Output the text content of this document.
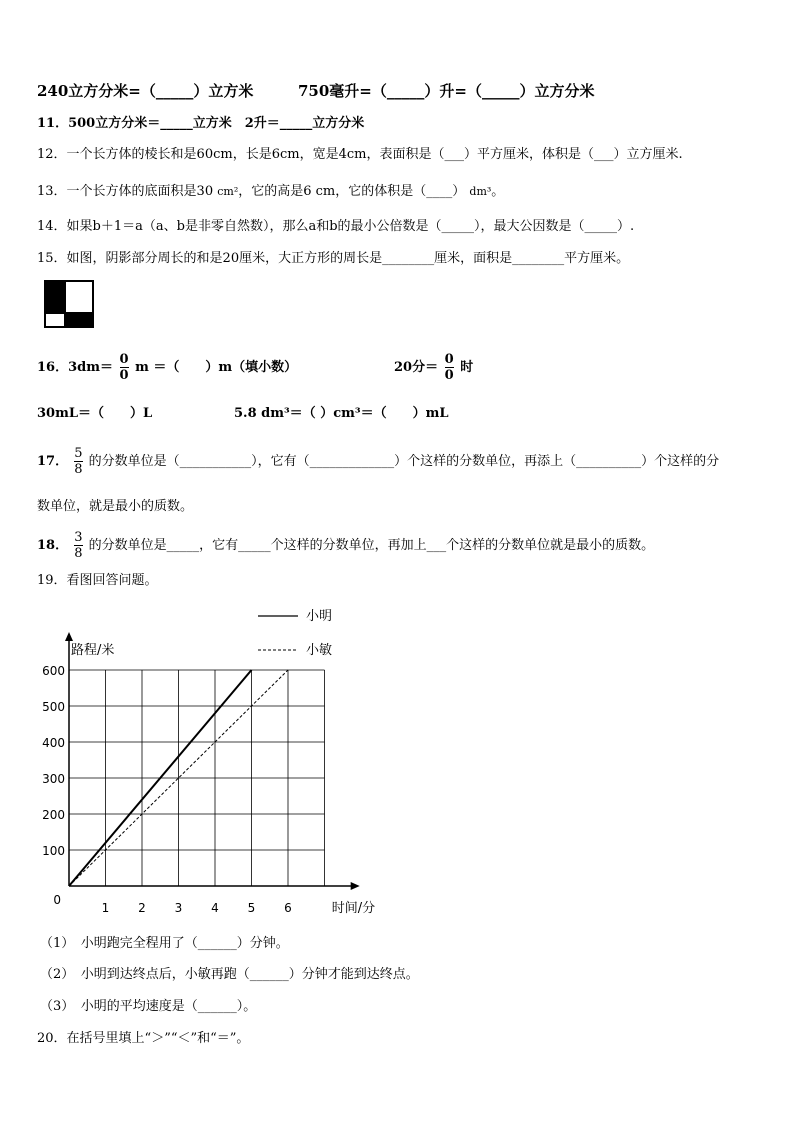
240立方分米=（_____）立方米	750毫升=（_____）升=（_____）立方分米
11．500立方分米＝_____立方米　2升＝_____立方分米
12．一个长方体的棱长和是60cm，长是6cm，宽是4cm，表面积是（___）平方厘米，体积是（___）立方厘米.
13．一个长方体的底面积是30 cm²，它的高是6 cm，它的体积是（____） dm³。
14．如果b＋1＝a（a、b是非零自然数），那么a和b的最小公倍数是（_____），最大公因数是（_____）.
15．如图，阴影部分周长的和是20厘米，大正方形的周长是________厘米，面积是________平方厘米。
16．$3dm= \frac{0}{0}$ m ＝（　　）m（填小数）	20分＝ $\frac{0}{0}$ 时
30mL＝（　　）L	5.8 dm³＝（ ）cm³＝（　　）mL
17． $\frac{5}{8}$ 的分数单位是（___________），它有（_____________）个这样的分数单位，再添上（__________）个这样的分
数单位，就是最小的质数。
18． $\frac{3}{8}$ 的分数单位是_____，它有_____个这样的分数单位，再加上___个这样的分数单位就是最小的质数。
19．看图回答问题。
1 2 3 4 5 6
100
200
300
400
500
600
0
路程/米
时间/分
小明
小敏
（1）　小明跑完全程用了（______）分钟。
（2）　小明到达终点后，小敏再跑（______）分钟才能到达终点。
（3）　小明的平均速度是（______）。
20．在括号里填上“＞”“＜”和“＝”。
